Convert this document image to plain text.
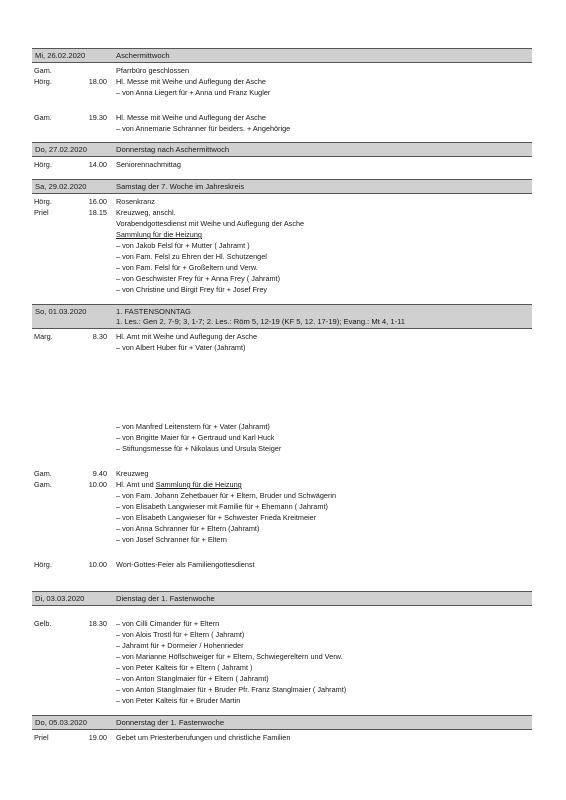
Mi, 26.02.2020	Aschermittwoch
Gam.	Pfarrbüro geschlossen
Hörg.	18.00 Hl. Messe mit Weihe und Auflegung der Asche
– von Anna Liegert für + Anna und Franz Kugler
Gam.	19.30 Hl. Messe mit Weihe und Auflegung der Asche
– von Annemarie Schranner für beiders. + Angehörige
Do, 27.02.2020	Donnerstag nach Aschermittwoch
Hörg.	14.00 Seniorennachmittag
Sa, 29.02.2020	Samstag der 7. Woche im Jahreskreis
Hörg.	16.00 Rosenkranz
Priel	18.15 Kreuzweg, anschl.
Vorabendgottesdienst mit Weihe und Auflegung der Asche
Sammlung für die Heizung
– von Jakob Felsl für + Mutter ( Jahramt )
– von Fam. Felsl zu Ehren der Hl. Schutzengel
– von Fam. Felsl für + Großeltern und Verw.
– von Geschwister Frey für + Anna Frey ( Jahramt)
– von Christine und Birgit Frey für + Josef Frey
So, 01.03.2020	1. FASTENSONNTAG
1. Les.: Gen 2, 7-9; 3, 1-7; 2. Les.: Röm 5, 12-19 (KF 5, 12. 17-19); Evang.: Mt 4, 1-11
Marg.	8.30 Hl. Amt mit Weihe und Auflegung der Asche
– von Albert Huber für + Vater (Jahramt)
– von Manfred Leitenstern für + Vater (Jahramt)
– von Brigitte Maier für + Gertraud und Karl Huck
– Stiftungsmesse für + Nikolaus und Ursula Steiger
Gam.	9.40 Kreuzweg
Gam.	10.00 Hl. Amt und Sammlung für die Heizung
– von Fam. Johann Zehetbauer für + Eltern, Bruder und Schwägerin
– von Elisabeth Langwieser mit Familie für + Ehemann ( Jahramt)
– von Elisabeth Langwieser für + Schwester Frieda Kreitmeier
– von Anna Schranner für + Eltern (Jahramt)
– von Josef Schranner für + Eltern
Hörg.	10.00 Wort-Gottes-Feier als Familiengottesdienst
Di, 03.03.2020	Dienstag der 1. Fastenwoche
Gelb.	18.30 – von Cilli Cimander für + Eltern
– von Alois Trostl für + Eltern ( Jahramt)
– Jahramt für + Dormeier / Hohenrieder
– von Marianne Höflschweiger für + Eltern, Schwiegereltern und Verw.
– von Peter Kalteis für + Eltern ( Jahramt )
– von Anton Stanglmaier für + Eltern ( Jahramt)
– von Anton Stanglmaier für + Bruder Pfr. Franz Stanglmaier ( Jahramt)
– von Peter Kalteis für + Bruder Martin
Do, 05.03.2020	Donnerstag der 1. Fastenwoche
Priel	19.00 Gebet um Priesterberufungen und christliche Familien
